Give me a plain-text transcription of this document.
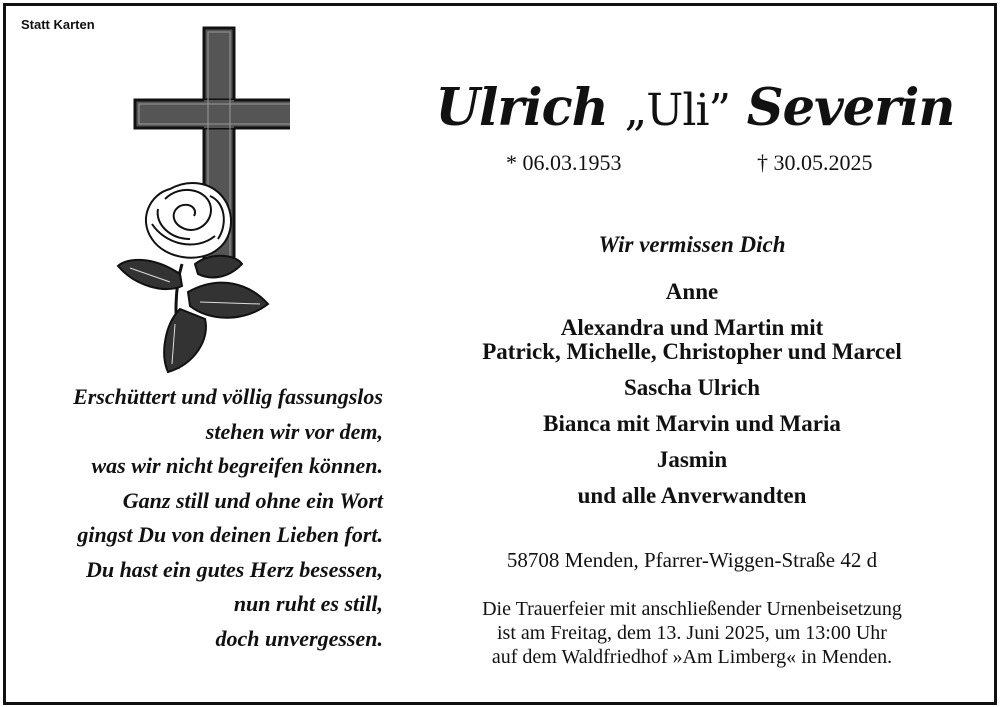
Statt Karten
Ulrich „Uli” Severin
* 06.03.1953	† 30.05.2025
Erschüttert und völlig fassungslos
stehen wir vor dem,
was wir nicht begreifen können.
Ganz still und ohne ein Wort
gingst Du von deinen Lieben fort.
Du hast ein gutes Herz besessen,
nun ruht es still,
doch unvergessen.
Wir vermissen Dich
Anne
Alexandra und Martin mit
Patrick, Michelle, Christopher und Marcel
Sascha Ulrich
Bianca mit Marvin und Maria
Jasmin
und alle Anverwandten
58708 Menden, Pfarrer-Wiggen-Straße 42 d
Die Trauerfeier mit anschließender Urnenbeisetzung
ist am Freitag, dem 13. Juni 2025, um 13:00 Uhr
auf dem Waldfriedhof »Am Limberg« in Menden.
